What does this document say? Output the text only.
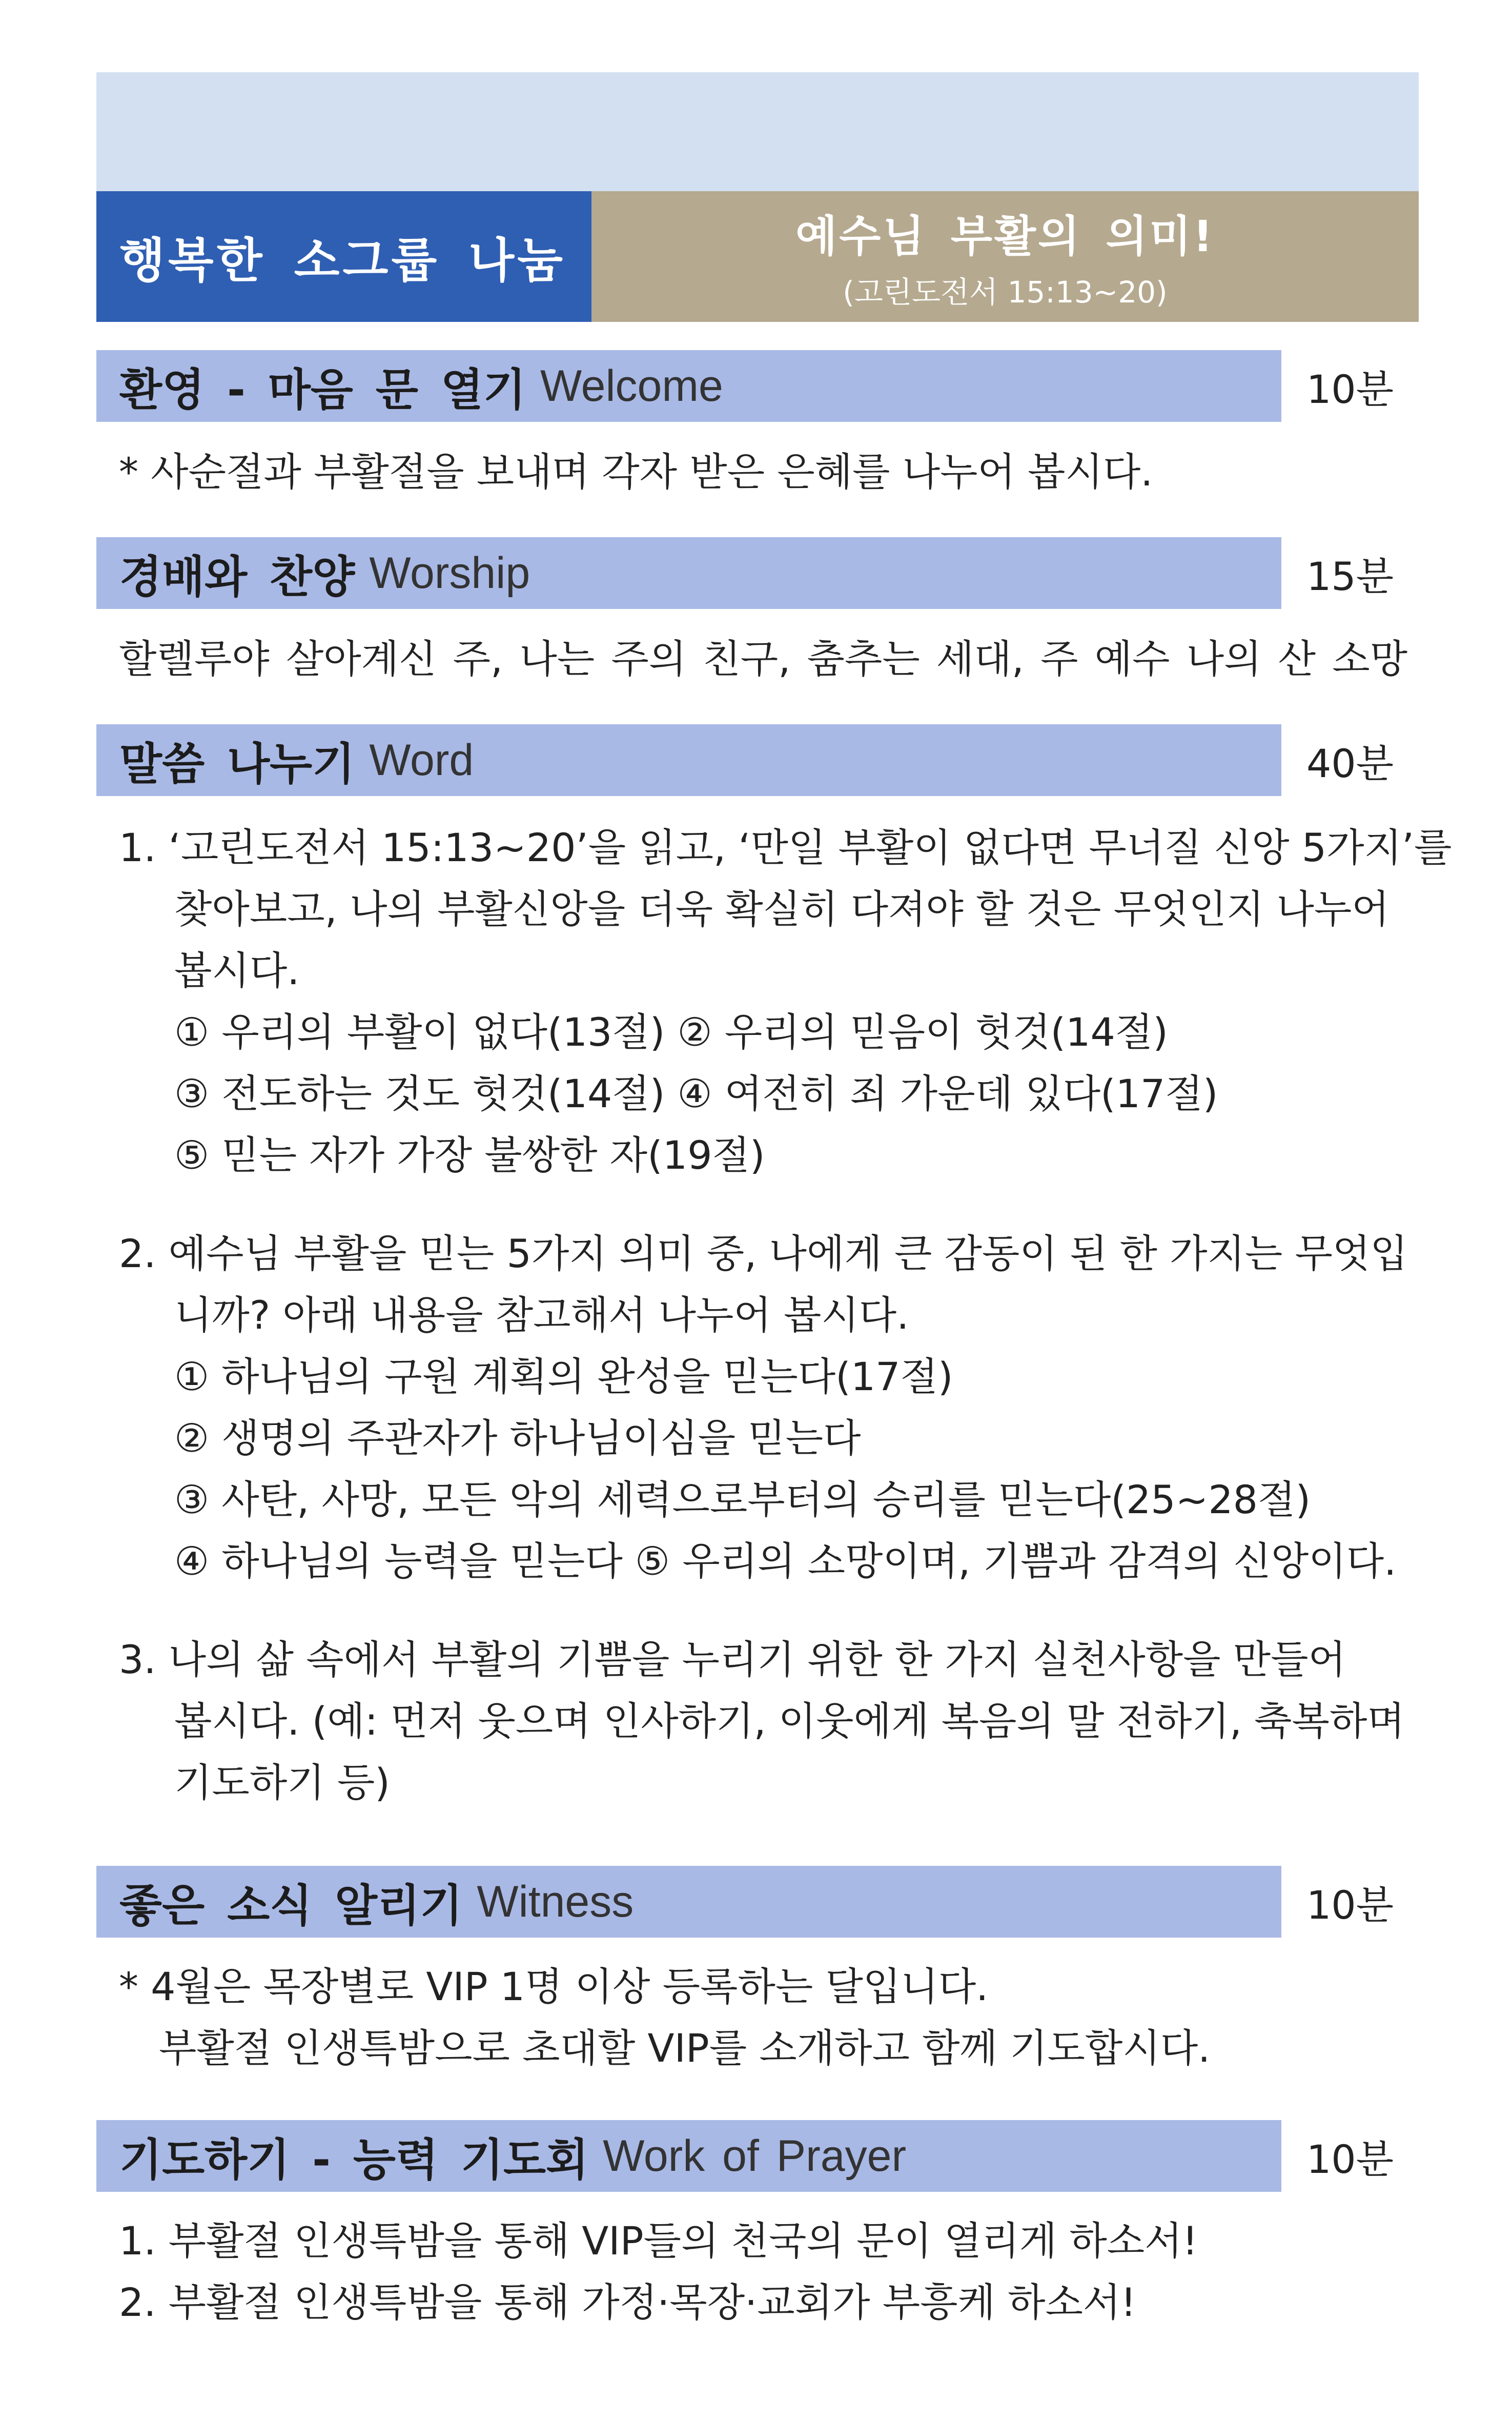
행복한 소그룹 나눔	예수님 부활의 의미!
(고린도전서 15:13~20)
환영 - 마음 문 열기 Welcome	10분
* 사순절과 부활절을 보내며 각자 받은 은혜를 나누어 봅시다.
경배와 찬양 Worship	15분
할렐루야 살아계신 주, 나는 주의 친구, 춤추는 세대, 주 예수 나의 산 소망
말씀 나누기 Word	40분
1. ‘고린도전서 15:13~20’을 읽고, ‘만일 부활이 없다면 무너질 신앙 5가지’를
찾아보고, 나의 부활신앙을 더욱 확실히 다져야 할 것은 무엇인지 나누어
봅시다.
① 우리의 부활이 없다(13절) ② 우리의 믿음이 헛것(14절)
③ 전도하는 것도 헛것(14절) ④ 여전히 죄 가운데 있다(17절)
⑤ 믿는 자가 가장 불쌍한 자(19절)
2. 예수님 부활을 믿는 5가지 의미 중, 나에게 큰 감동이 된 한 가지는 무엇입
니까? 아래 내용을 참고해서 나누어 봅시다.
① 하나님의 구원 계획의 완성을 믿는다(17절)
② 생명의 주관자가 하나님이심을 믿는다
③ 사탄, 사망, 모든 악의 세력으로부터의 승리를 믿는다(25~28절)
④ 하나님의 능력을 믿는다 ⑤ 우리의 소망이며, 기쁨과 감격의 신앙이다.
3. 나의 삶 속에서 부활의 기쁨을 누리기 위한 한 가지 실천사항을 만들어
봅시다. (예: 먼저 웃으며 인사하기, 이웃에게 복음의 말 전하기, 축복하며
기도하기 등)
좋은 소식 알리기 Witness	10분
* 4월은 목장별로 VIP 1명 이상 등록하는 달입니다.
부활절 인생특밤으로 초대할 VIP를 소개하고 함께 기도합시다.
기도하기 - 능력 기도회 Work of Prayer	10분
1. 부활절 인생특밤을 통해 VIP들의 천국의 문이 열리게 하소서!
2. 부활절 인생특밤을 통해 가정·목장·교회가 부흥케 하소서!
